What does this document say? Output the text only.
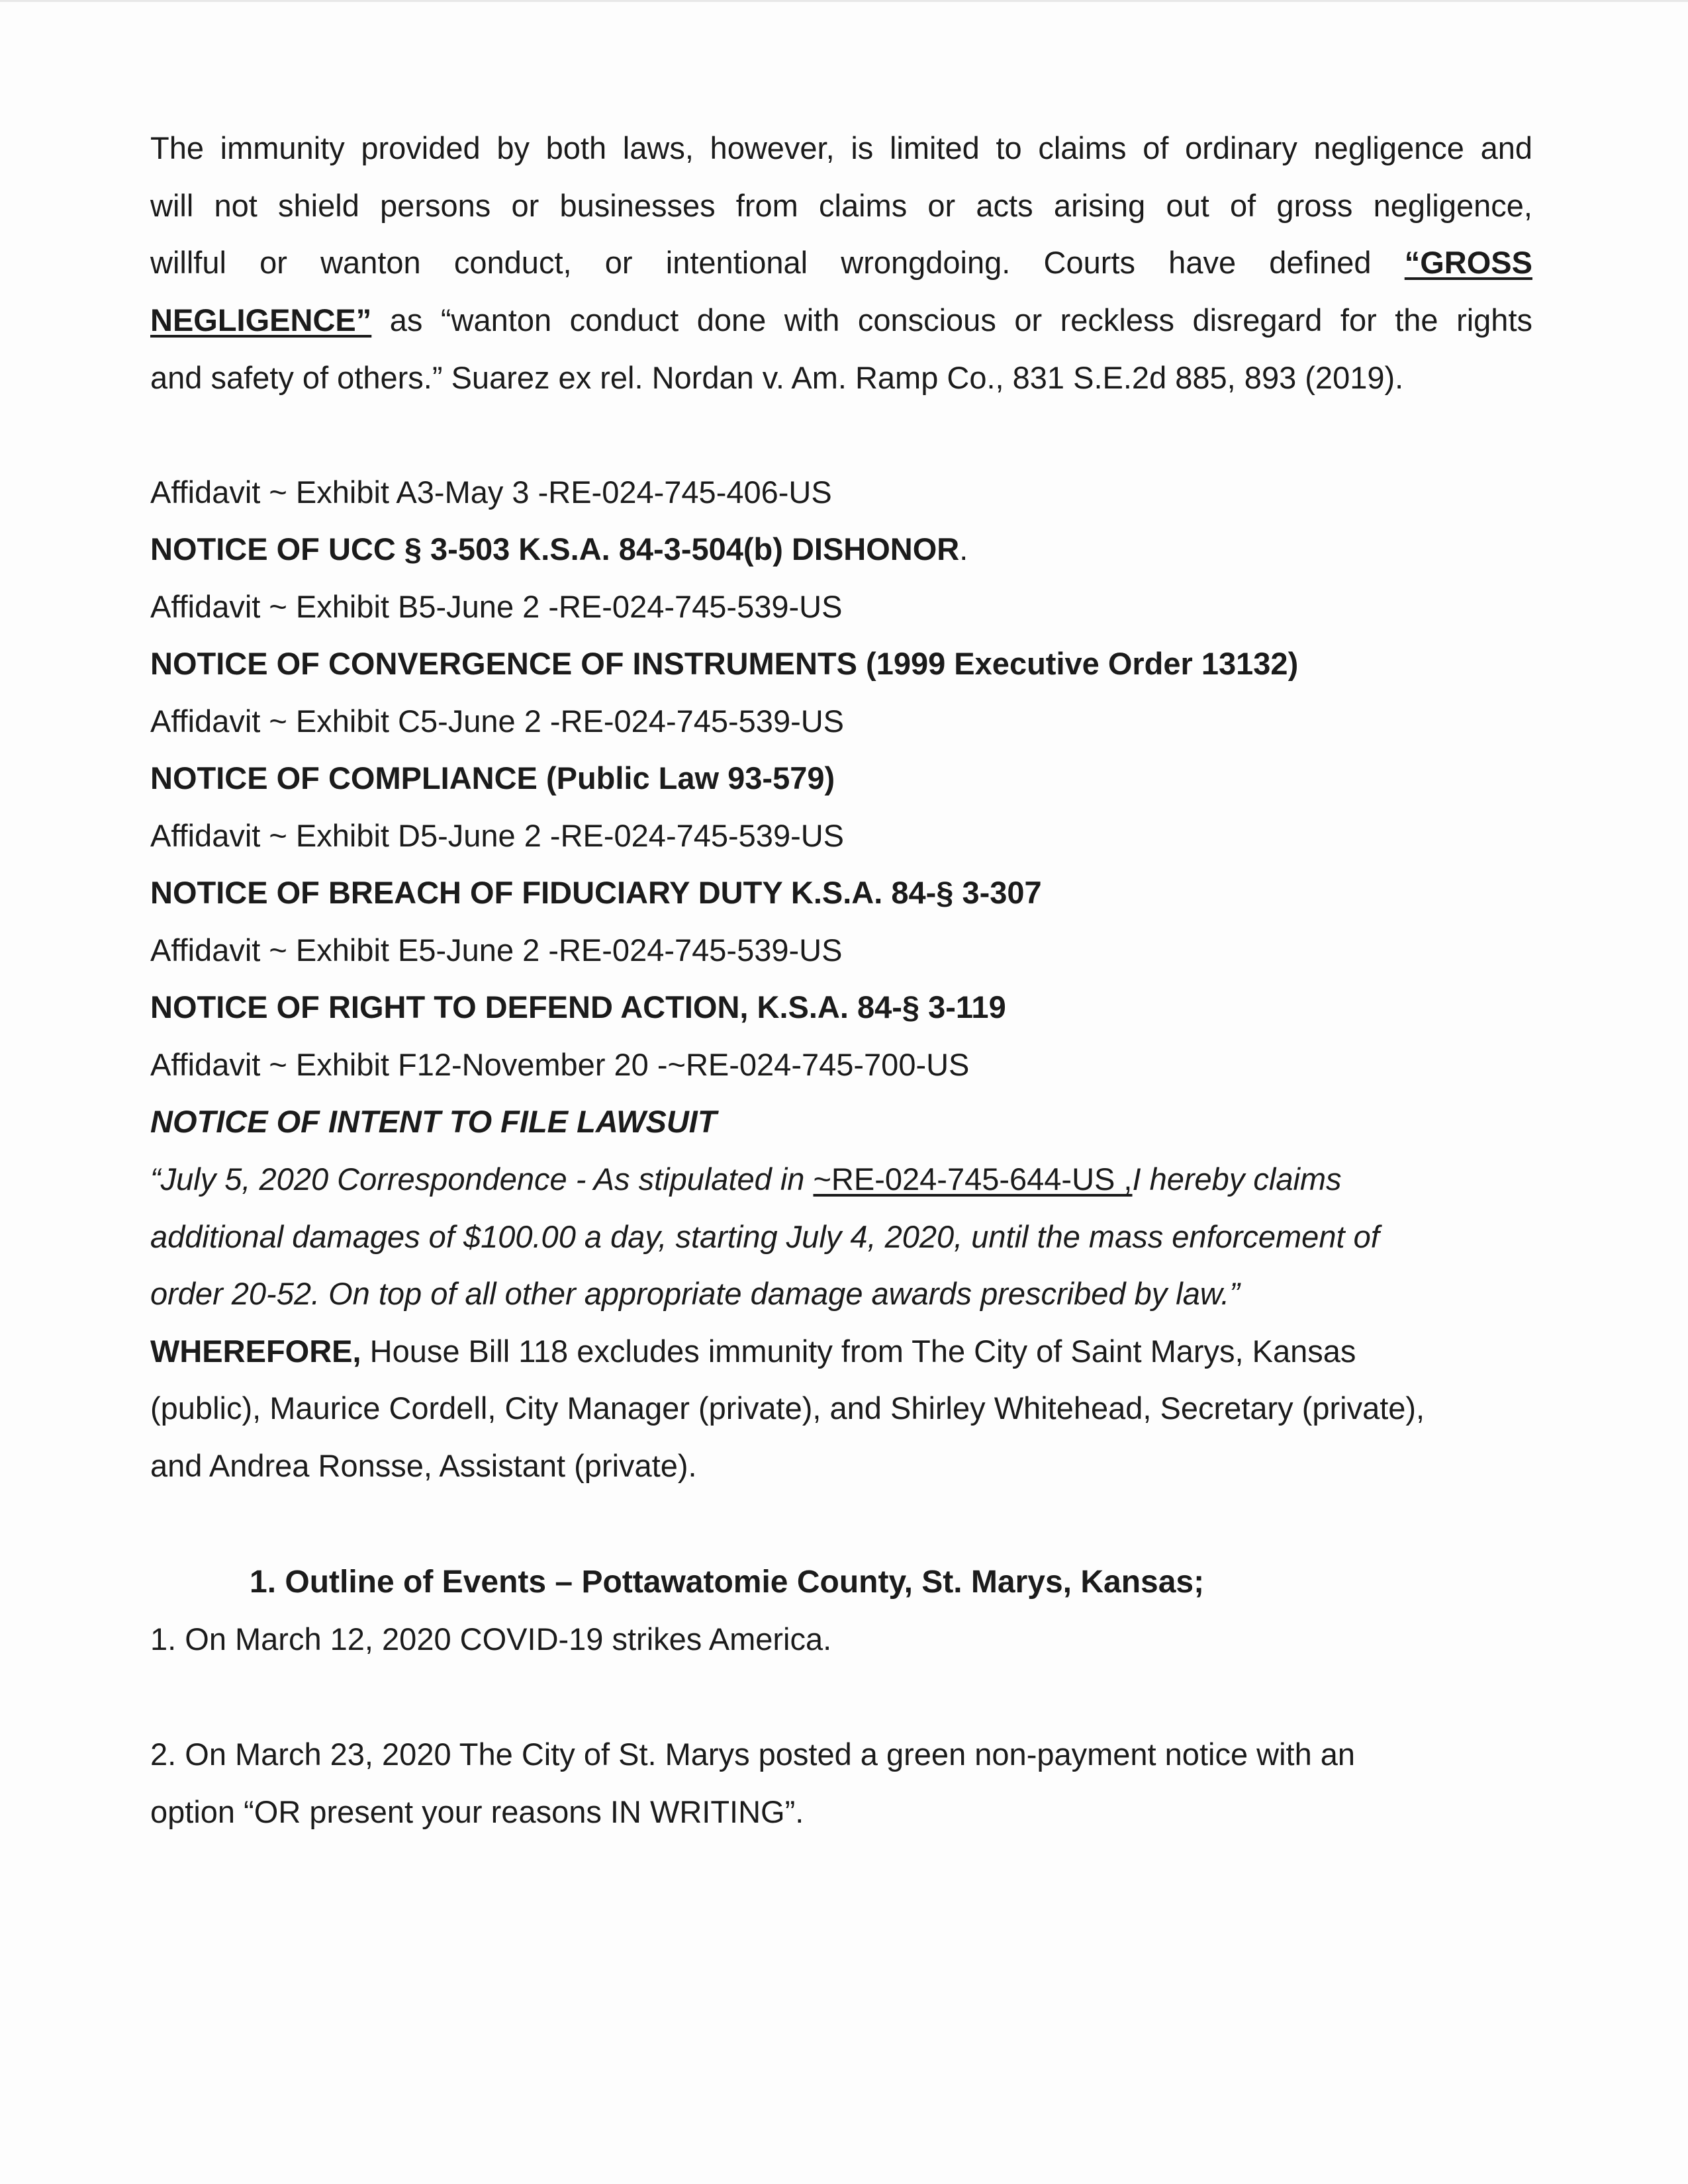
The immunity provided by both laws, however, is limited to claims of ordinary negligence and

will not shield persons or businesses from claims or acts arising out of gross negligence,

willful or wanton conduct, or intentional wrongdoing. Courts have defined “GROSS

NEGLIGENCE” as “wanton conduct done with conscious or reckless disregard for the rights

and safety of others.” Suarez ex rel. Nordan v. Am. Ramp Co., 831 S.E.2d 885, 893 (2019).

Affidavit ~ Exhibit A3-May 3 -RE-024-745-406-US

NOTICE OF UCC § 3-503 K.S.A. 84-3-504(b) DISHONOR.

Affidavit ~ Exhibit B5-June 2 -RE-024-745-539-US

NOTICE OF CONVERGENCE OF INSTRUMENTS (1999 Executive Order 13132)

Affidavit ~ Exhibit C5-June 2 -RE-024-745-539-US

NOTICE OF COMPLIANCE (Public Law 93-579)

Affidavit ~ Exhibit D5-June 2 -RE-024-745-539-US

NOTICE OF BREACH OF FIDUCIARY DUTY K.S.A. 84-§ 3-307

Affidavit ~ Exhibit E5-June 2 -RE-024-745-539-US

NOTICE OF RIGHT TO DEFEND ACTION, K.S.A. 84-§ 3-119

Affidavit ~ Exhibit F12-November 20 -~RE-024-745-700-US

NOTICE OF INTENT TO FILE LAWSUIT

“July 5, 2020 Correspondence - As stipulated in ~RE-024-745-644-US ,I hereby claims

additional damages of $100.00 a day, starting July 4, 2020, until the mass enforcement of

order 20-52. On top of all other appropriate damage awards prescribed by law.”

WHEREFORE, House Bill 118 excludes immunity from The City of Saint Marys, Kansas

(public), Maurice Cordell, City Manager (private), and Shirley Whitehead, Secretary (private),

and Andrea Ronsse, Assistant (private).

1. Outline of Events – Pottawatomie County, St. Marys, Kansas;

1. On March 12, 2020 COVID-19 strikes America.

2. On March 23, 2020 The City of St. Marys posted a green non-payment notice with an

option “OR present your reasons IN WRITING”.
